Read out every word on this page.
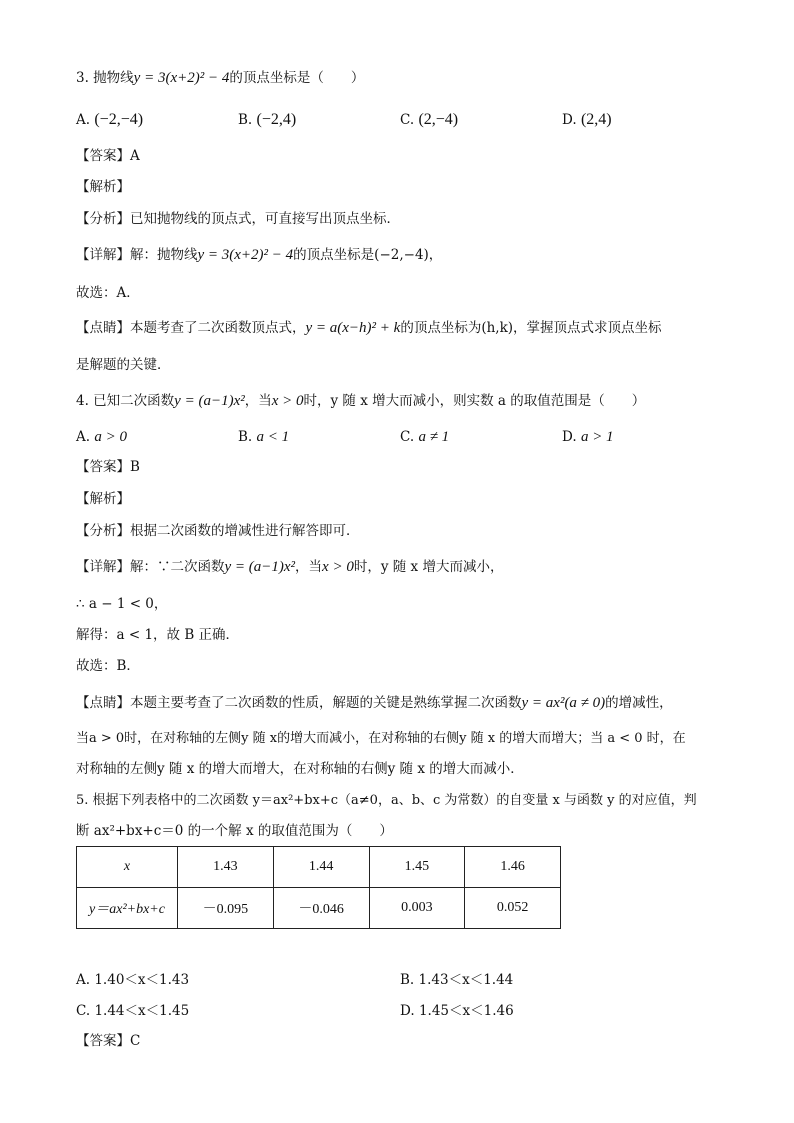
3. 抛物线y = 3(x+2)² − 4的顶点坐标是（　　）
A. (−2,−4)	B. (−2,4)	C. (2,−4)	D. (2,4)
【答案】A
【解析】
【分析】已知抛物线的顶点式，可直接写出顶点坐标．
【详解】解：抛物线y = 3(x+2)² − 4的顶点坐标是(−2,−4)，
故选：A．
【点睛】本题考查了二次函数顶点式，y = a(x−h)² + k的顶点坐标为(h,k)，掌握顶点式求顶点坐标
是解题的关键．
4. 已知二次函数y = (a−1)x²，当x > 0时，y 随 x 增大而减小，则实数 a 的取值范围是（　　）
A. a > 0	B. a < 1	C. a ≠ 1	D. a > 1
【答案】B
【解析】
【分析】根据二次函数的增减性进行解答即可．
【详解】解：∵二次函数y = (a−1)x²，当x > 0时，y 随 x 增大而减小，
∴ a − 1 < 0，
解得：a < 1，故 B 正确．
故选：B．
【点睛】本题主要考查了二次函数的性质，解题的关键是熟练掌握二次函数y = ax²(a ≠ 0)的增减性，
当a > 0时，在对称轴的左侧y 随 x的增大而减小，在对称轴的右侧y 随 x 的增大而增大；当 a < 0 时，在
对称轴的左侧y 随 x 的增大而增大，在对称轴的右侧y 随 x 的增大而减小．
5. 根据下列表格中的二次函数 y＝ax²+bx+c（a≠0，a、b、c 为常数）的自变量 x 与函数 y 的对应值，判
断 ax²+bx+c＝0 的一个解 x 的取值范围为（　　）
x	1.43	1.44	1.45	1.46
y＝ax²+bx+c	－0.095	－0.046	0.003	0.052
A. 1.40＜x＜1.43	B. 1.43＜x＜1.44
C. 1.44＜x＜1.45	D. 1.45＜x＜1.46
【答案】C
